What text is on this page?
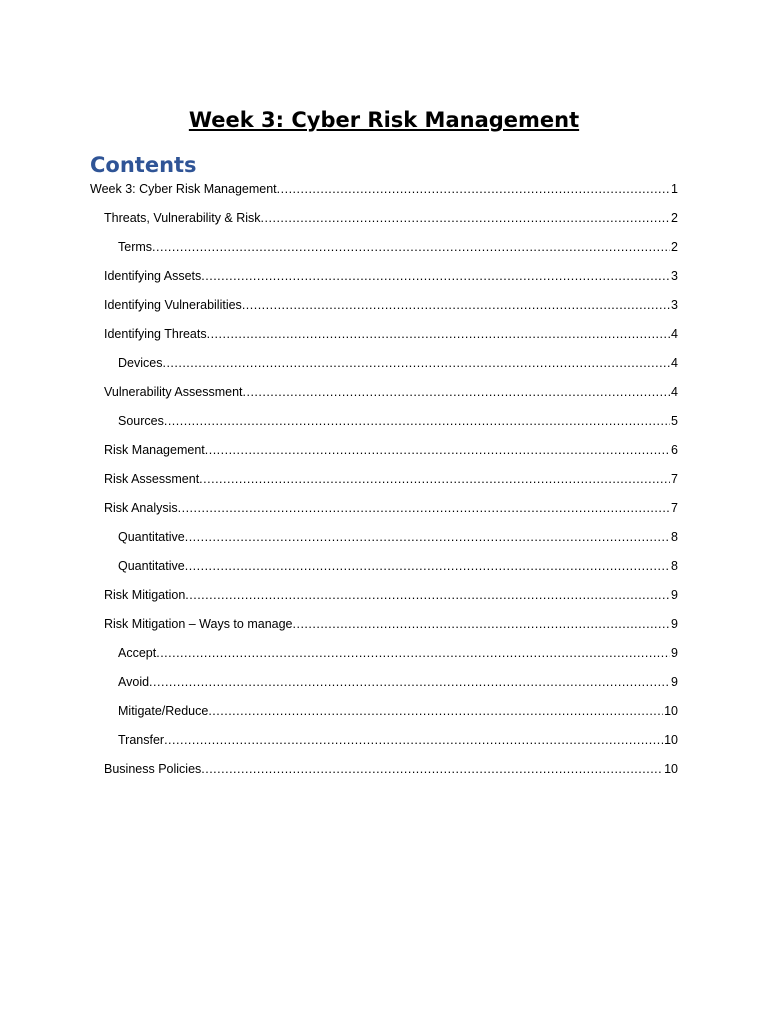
Week 3: Cyber Risk Management
Contents
Week 3: Cyber Risk Management .....	1
Threats, Vulnerability & Risk .....	2
Terms .....	2
Identifying Assets .....	3
Identifying Vulnerabilities .....	3
Identifying Threats .....	4
Devices .....	4
Vulnerability Assessment .....	4
Sources .....	5
Risk Management .....	6
Risk Assessment .....	7
Risk Analysis .....	7
Quantitative .....	8
Quantitative .....	8
Risk Mitigation .....	9
Risk Mitigation – Ways to manage .....	9
Accept .....	9
Avoid .....	9
Mitigate/Reduce .....	10
Transfer .....	10
Business Policies .....	10
